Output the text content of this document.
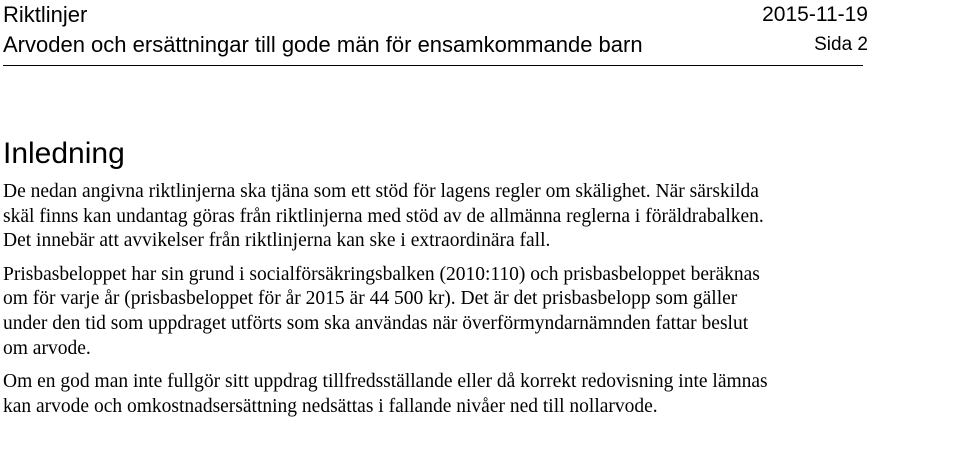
Riktlinjer
Arvoden och ersättningar till gode män för ensamkommande barn
2015-11-19
Sida 2
Inledning

De nedan angivna riktlinjerna ska tjäna som ett stöd för lagens regler om skälighet. När särskilda
skäl finns kan undantag göras från riktlinjerna med stöd av de allmänna reglerna i föräldrabalken.
Det innebär att avvikelser från riktlinjerna kan ske i extraordinära fall.

Prisbasbeloppet har sin grund i socialförsäkringsbalken (2010:110) och prisbasbeloppet beräknas
om för varje år (prisbasbeloppet för år 2015 är 44 500 kr). Det är det prisbasbelopp som gäller
under den tid som uppdraget utförts som ska användas när överförmyndarnämnden fattar beslut
om arvode.

Om en god man inte fullgör sitt uppdrag tillfredsställande eller då korrekt redovisning inte lämnas
kan arvode och omkostnadsersättning nedsättas i fallande nivåer ned till nollarvode.
